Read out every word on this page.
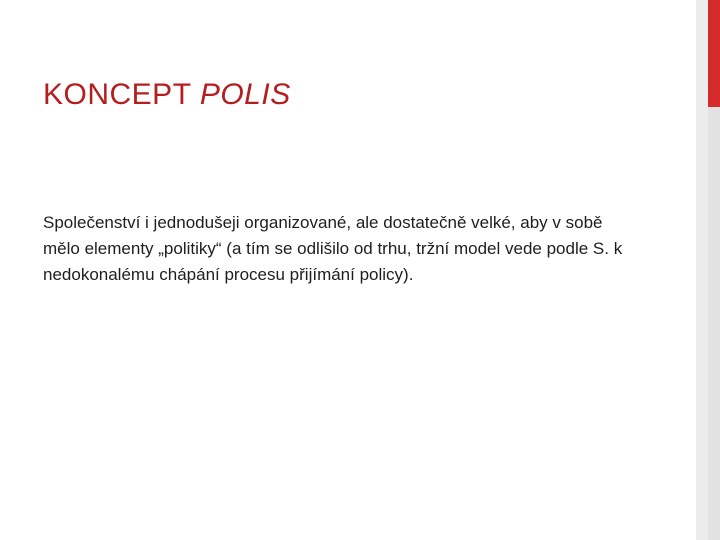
KONCEPT POLIS

Společenství i jednodušeji organizované, ale dostatečně velké, aby v sobě mělo elementy „politiky“ (a tím se odlišilo od trhu, tržní model vede podle S. k nedokonalému chápání procesu přijímání policy).
